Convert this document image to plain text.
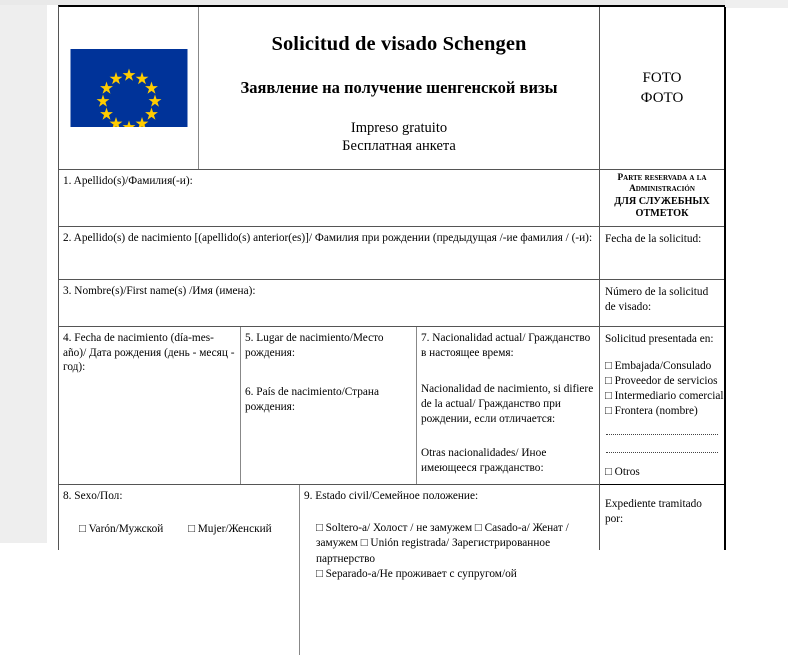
Solicitud de visado Schengen
Заявление на получение шенгенской визы
Impreso gratuito
Бесплатная анкета
1. Apellido(s)/Фамилия(-и):
2. Apellido(s) de nacimiento [(apellido(s) anterior(es)]/ Фамилия при рождении (предыдущая /-ие фамилия / (-и):
3. Nombre(s)/First name(s) /Имя (имена):
4. Fecha de nacimiento (día-mes-año)/ Дата рождения (день - месяц - год):
5. Lugar de nacimiento/Место рождения:
6. País de nacimiento/Страна рождения:
7. Nacionalidad actual/ Гражданство в настоящее время:
Nacionalidad de nacimiento, si difiere de la actual/ Гражданство при рождении, если отличается:
Otras nacionalidades/ Иное имеющееся гражданство:
8. Sexo/Пол:
□ Varón/Мужской □ Mujer/Женский
9. Estado civil/Семейное положение:
□ Soltero-a/ Холост / не замужем □ Casado-a/ Женат /
замужем □ Unión registrada/ Зарегистрированное партнерство
□ Separado-a/Не проживает с супругом/ой
FOTO
ФОТО
Parte reservada a la Administración
ДЛЯ СЛУЖЕБНЫХ ОТМЕТОК
Fecha de la solicitud:
Número de la solicitud de visado:
Solicitud presentada en:
□ Embajada/Consulado
□ Proveedor de servicios
□ Intermediario comercial
□ Frontera (nombre)
□ Otros
Expediente tramitado por:
